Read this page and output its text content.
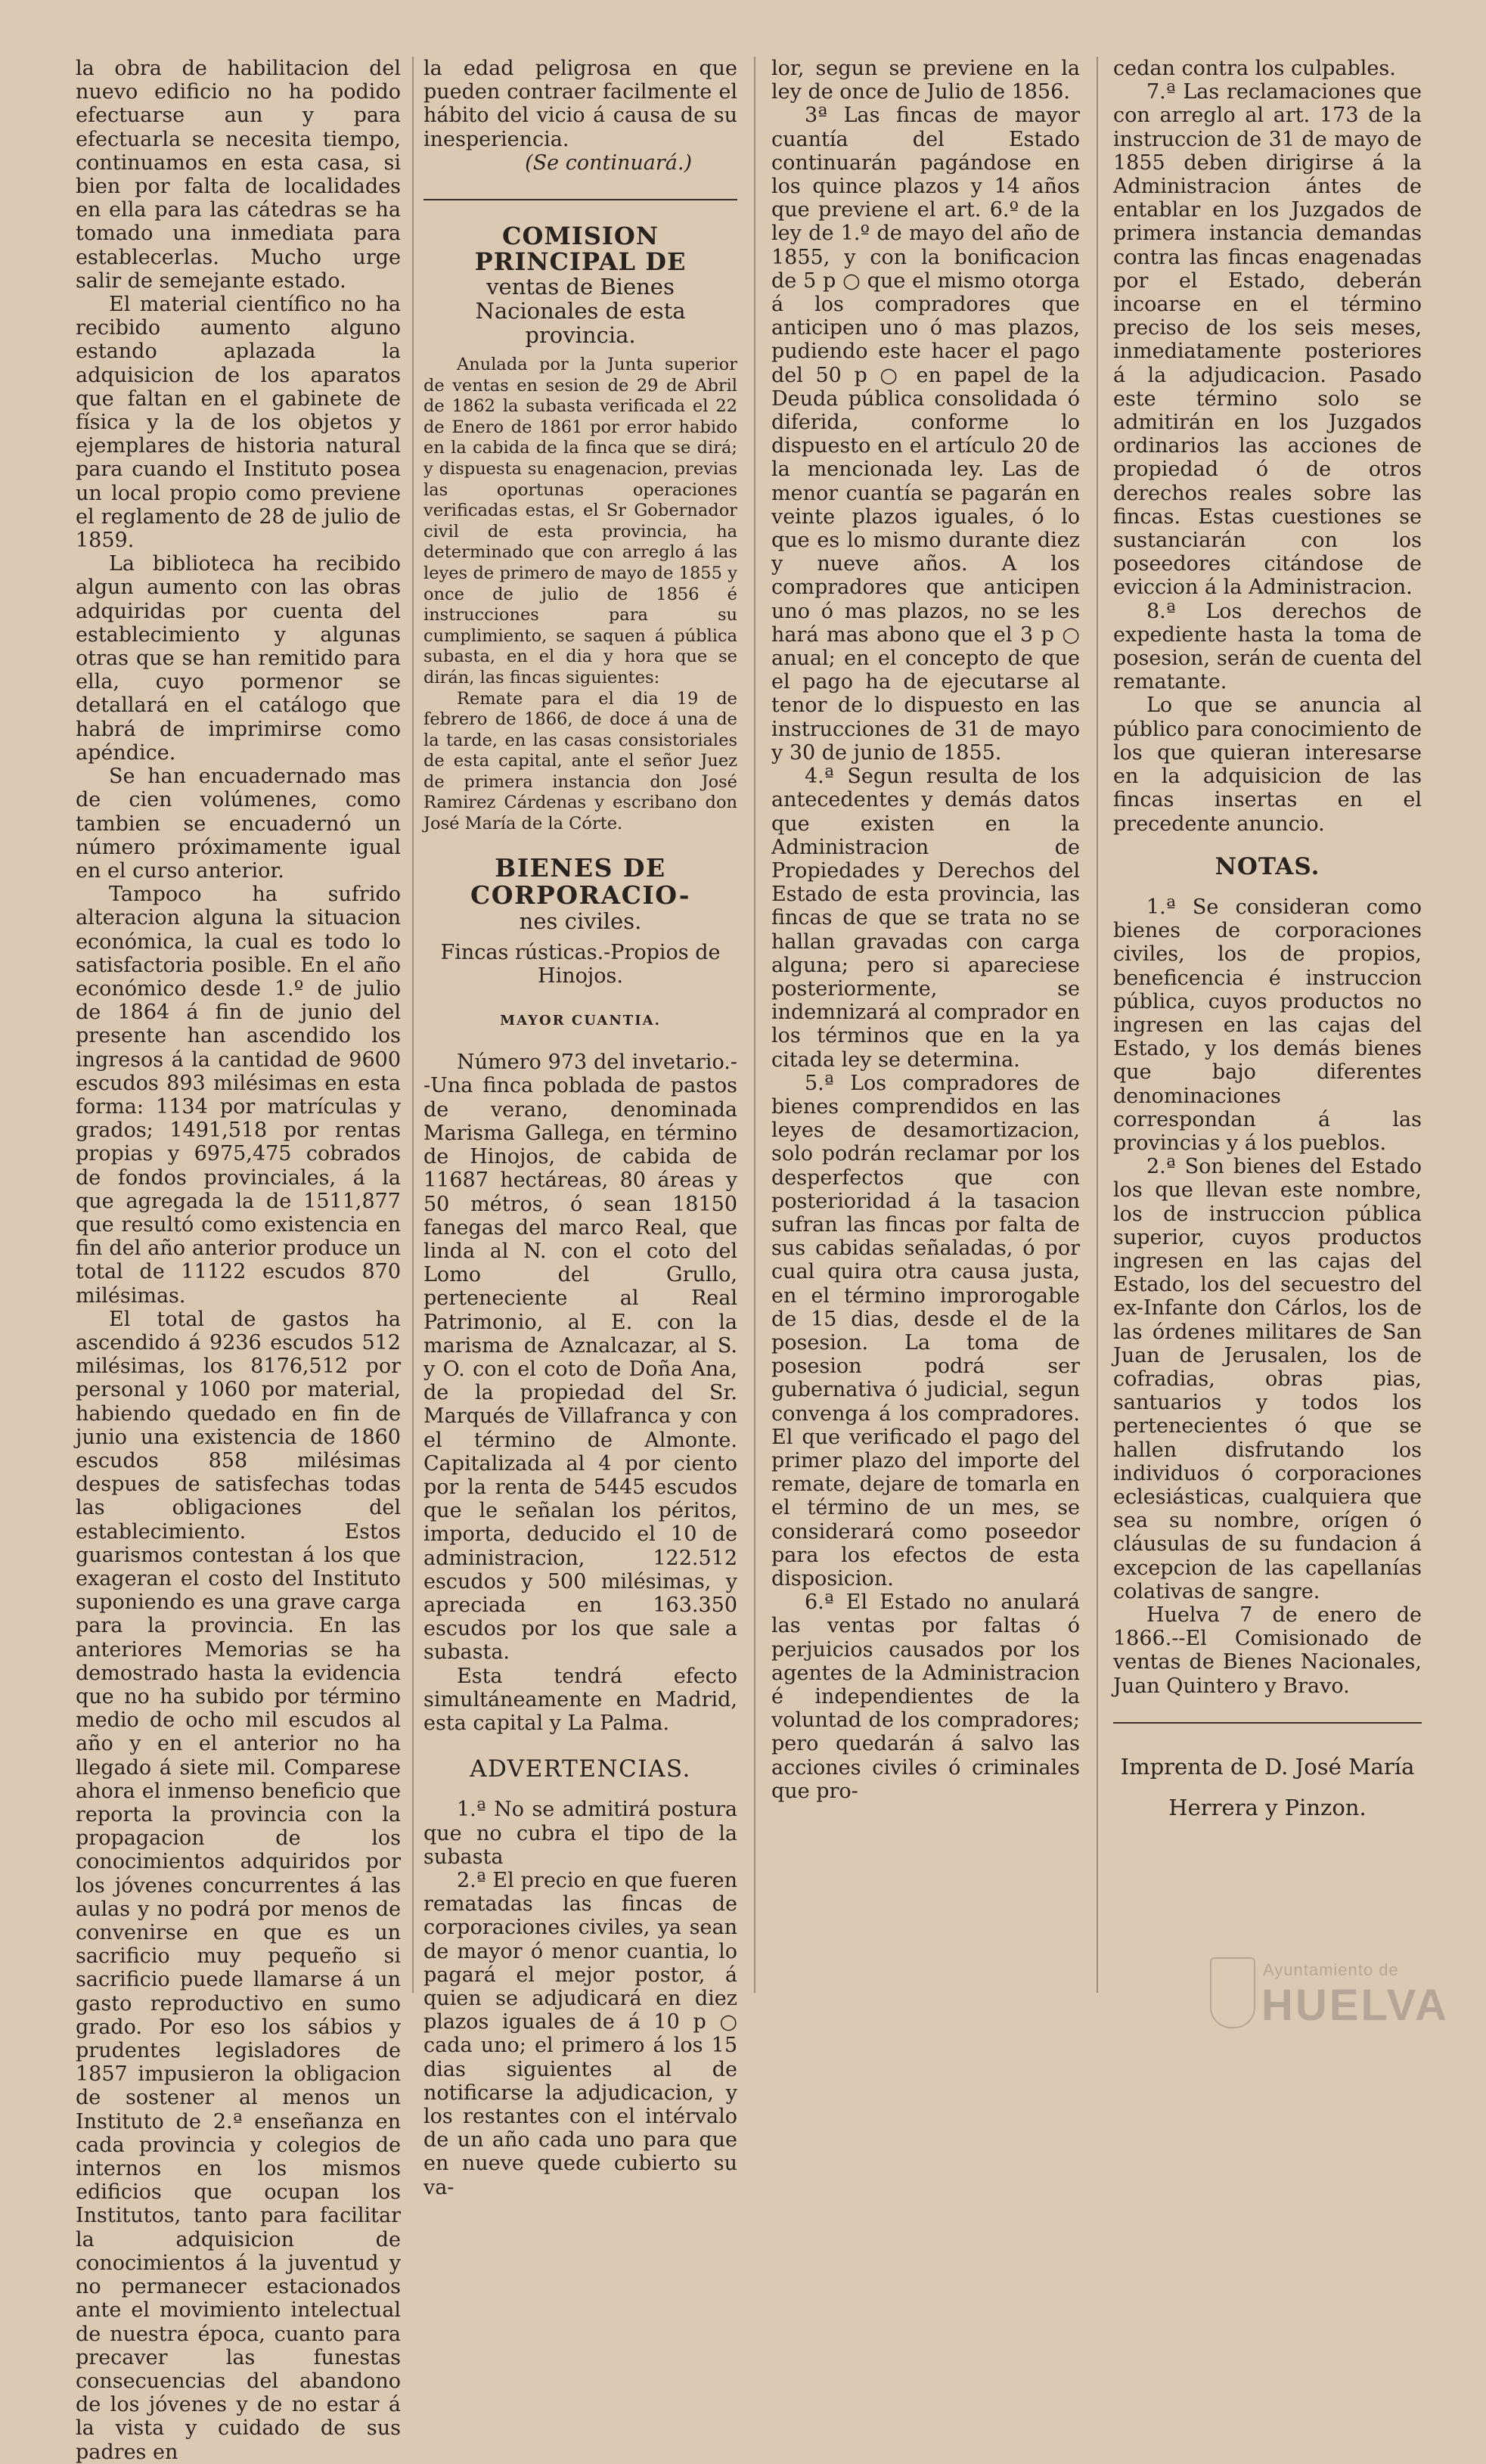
la obra de habilitacion del nuevo edificio no ha podido efectuarse aun y para efectuarla se necesita tiempo, continuamos en esta casa, si bien por falta de localidades en ella para las cátedras se ha tomado una inmediata para establecerlas. Mucho urge salir de semejante estado.

El material científico no ha recibido aumento alguno estando aplazada la adquisicion de los aparatos que faltan en el gabinete de física y la de los objetos y ejemplares de historia natural para cuando el Instituto posea un local propio como previene el reglamento de 28 de julio de 1859.

La biblioteca ha recibido algun aumento con las obras adquiridas por cuenta del establecimiento y algunas otras que se han remitido para ella, cuyo pormenor se detallará en el catálogo que habrá de imprimirse como apéndice.

Se han encuadernado mas de cien volúmenes, como tambien se encuadernó un número próximamente igual en el curso anterior.

Tampoco ha sufrido alteracion alguna la situacion económica, la cual es todo lo satisfactoria posible. En el año económico desde 1.º de julio de 1864 á fin de junio del presente han ascendido los ingresos á la cantidad de 9600 escudos 893 milésimas en esta forma: 1134 por matrículas y grados; 1491,518 por rentas propias y 6975,475 cobrados de fondos provinciales, á la que agregada la de 1511,877 que resultó como existencia en fin del año anterior produce un total de 11122 escudos 870 milésimas.

El total de gastos ha ascendido á 9236 escudos 512 milésimas, los 8176,512 por personal y 1060 por material, habiendo quedado en fin de junio una existencia de 1860 escudos 858 milésimas despues de satisfechas todas las obligaciones del establecimiento. Estos guarismos contestan á los que exageran el costo del Instituto suponiendo es una grave carga para la provincia. En las anteriores Memorias se ha demostrado hasta la evidencia que no ha subido por término medio de ocho mil escudos al año y en el anterior no ha llegado á siete mil. Comparese ahora el inmenso beneficio que reporta la provincia con la propagacion de los conocimientos adquiridos por los jóvenes concurrentes á las aulas y no podrá por menos de convenirse en que es un sacrificio muy pequeño si sacrificio puede llamarse á un gasto reproductivo en sumo grado. Por eso los sábios y prudentes legisladores de 1857 impusieron la obligacion de sostener al menos un Instituto de 2.ª enseñanza en cada provincia y colegios de internos en los mismos edificios que ocupan los Institutos, tanto para facilitar la adquisicion de conocimientos á la juventud y no permanecer estacionados ante el movimiento intelectual de nuestra época, cuanto para precaver las funestas consecuencias del abandono de los jóvenes y de no estar á la vista y cuidado de sus padres en

la edad peligrosa en que pueden contraer facilmente el hábito del vicio á causa de su inesperiencia.

(Se continuará.)

COMISION PRINCIPAL DE
ventas de Bienes Nacionales de esta provincia.

Anulada por la Junta superior de ventas en sesion de 29 de Abril de 1862 la subasta verificada el 22 de Enero de 1861 por error habido en la cabida de la finca que se dirá; y dispuesta su enagenacion, previas las oportunas operaciones verificadas estas, el Sr Gobernador civil de esta provincia, ha determinado que con arreglo á las leyes de primero de mayo de 1855 y once de julio de 1856 é instrucciones para su cumplimiento, se saquen á pública subasta, en el dia y hora que se dirán, las fincas siguientes:

Remate para el dia 19 de febrero de 1866, de doce á una de la tarde, en las casas consistoriales de esta capital, ante el señor Juez de primera instancia don José Ramirez Cárdenas y escribano don José María de la Córte.

BIENES DE CORPORACIO-
nes civiles.

Fincas rústicas.-Propios de Hinojos.

MAYOR CUANTIA.

Número 973 del invetario.--Una finca poblada de pastos de verano, denominada Marisma Gallega, en término de Hinojos, de cabida de 11687 hectáreas, 80 áreas y 50 métros, ó sean 18150 fanegas del marco Real, que linda al N. con el coto del Lomo del Grullo, perteneciente al Real Patrimonio, al E. con la marisma de Aznalcazar, al S. y O. con el coto de Doña Ana, de la propiedad del Sr. Marqués de Villafranca y con el término de Almonte. Capitalizada al 4 por ciento por la renta de 5445 escudos que le señalan los péritos, importa, deducido el 10 de administracion, 122.512 escudos y 500 milésimas, y apreciada en 163.350 escudos por los que sale a subasta.

Esta tendrá efecto simultáneamente en Madrid, esta capital y La Palma.

ADVERTENCIAS.

1.ª No se admitirá postura que no cubra el tipo de la subasta

2.ª El precio en que fueren rematadas las fincas de corporaciones civiles, ya sean de mayor ó menor cuantia, lo pagará el mejor postor, á quien se adjudicará en diez plazos iguales de á 10 p ○ cada uno; el primero á los 15 dias siguientes al de notificarse la adjudicacion, y los restantes con el intérvalo de un año cada uno para que en nueve quede cubierto su va-

lor, segun se previene en la ley de once de Julio de 1856.

3ª Las fincas de mayor cuantía del Estado continuarán pagándose en los quince plazos y 14 años que previene el art. 6.º de la ley de 1.º de mayo del año de 1855, y con la bonificacion de 5 p ○ que el mismo otorga á los compradores que anticipen uno ó mas plazos, pudiendo este hacer el pago del 50 p ○ en papel de la Deuda pública consolidada ó diferida, conforme lo dispuesto en el artículo 20 de la mencionada ley. Las de menor cuantía se pagarán en veinte plazos iguales, ó lo que es lo mismo durante diez y nueve años. A los compradores que anticipen uno ó mas plazos, no se les hará mas abono que el 3 p ○ anual; en el concepto de que el pago ha de ejecutarse al tenor de lo dispuesto en las instrucciones de 31 de mayo y 30 de junio de 1855.

4.ª Segun resulta de los antecedentes y demás datos que existen en la Administracion de Propiedades y Derechos del Estado de esta provincia, las fincas de que se trata no se hallan gravadas con carga alguna; pero si apareciese posteriormente, se indemnizará al comprador en los términos que en la ya citada ley se determina.

5.ª Los compradores de bienes comprendidos en las leyes de desamortizacion, solo podrán reclamar por los desperfectos que con posterioridad á la tasacion sufran las fincas por falta de sus cabidas señaladas, ó por cual quira otra causa justa, en el término improrogable de 15 dias, desde el de la posesion. La toma de posesion podrá ser gubernativa ó judicial, segun convenga á los compradores. El que verificado el pago del primer plazo del importe del remate, dejare de tomarla en el término de un mes, se considerará como poseedor para los efectos de esta disposicion.

6.ª El Estado no anulará las ventas por faltas ó perjuicios causados por los agentes de la Administracion é independientes de la voluntad de los compradores; pero quedarán á salvo las acciones civiles ó criminales que pro-

cedan contra los culpables.

7.ª Las reclamaciones que con arreglo al art. 173 de la instruccion de 31 de mayo de 1855 deben dirigirse á la Administracion ántes de entablar en los Juzgados de primera instancia demandas contra las fincas enagenadas por el Estado, deberán incoarse en el término preciso de los seis meses, inmediatamente posteriores á la adjudicacion. Pasado este término solo se admitirán en los Juzgados ordinarios las acciones de propiedad ó de otros derechos reales sobre las fincas. Estas cuestiones se sustanciarán con los poseedores citándose de eviccion á la Administracion.

8.ª Los derechos de expediente hasta la toma de posesion, serán de cuenta del rematante.

Lo que se anuncia al público para conocimiento de los que quieran interesarse en la adquisicion de las fincas insertas en el precedente anuncio.

NOTAS.

1.ª Se consideran como bienes de corporaciones civiles, los de propios, beneficencia é instruccion pública, cuyos productos no ingresen en las cajas del Estado, y los demás bienes que bajo diferentes denominaciones correspondan á las provincias y á los pueblos.

2.ª Son bienes del Estado los que llevan este nombre, los de instruccion pública superior, cuyos productos ingresen en las cajas del Estado, los del secuestro del ex-Infante don Cárlos, los de las órdenes militares de San Juan de Jerusalen, los de cofradias, obras pias, santuarios y todos los pertenecientes ó que se hallen disfrutando los individuos ó corporaciones eclesiásticas, cualquiera que sea su nombre, orígen ó cláusulas de su fundacion á excepcion de las capellanías colativas de sangre.

Huelva 7 de enero de 1866.--El Comisionado de ventas de Bienes Nacionales, Juan Quintero y Bravo.

Imprenta de D. José María
Herrera y Pinzon.
Ayuntamiento de
HUELVA
